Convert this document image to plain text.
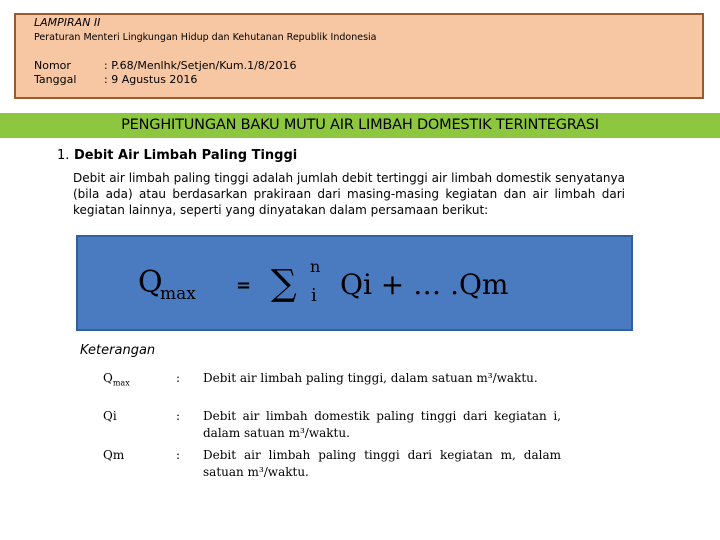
LAMPIRAN II
Peraturan Menteri Lingkungan Hidup dan Kehutanan Republik Indonesia
Nomor	: P.68/Menlhk/Setjen/Kum.1/8/2016
Tanggal	: 9 Agustus 2016
PENGHITUNGAN BAKU MUTU AIR LIMBAH DOMESTIK TERINTEGRASI
1. Debit Air Limbah Paling Tinggi
Debit air limbah paling tinggi adalah jumlah debit tertinggi air limbah domestik senyatanya (bila ada) atau berdasarkan prakiraan dari masing-masing kegiatan dan air limbah dari kegiatan lainnya, seperti yang dinyatakan dalam persamaan berikut:
Q
max = ∑ n
i Qi + … .Qm
Keterangan
$Q_{max}$	: Debit air limbah paling tinggi, dalam satuan m³/waktu.
Qi	: Debit air limbah domestik paling tinggi dari kegiatan i, dalam satuan m³/waktu.
Qm	: Debit air limbah paling tinggi dari kegiatan m, dalam satuan m³/waktu.
